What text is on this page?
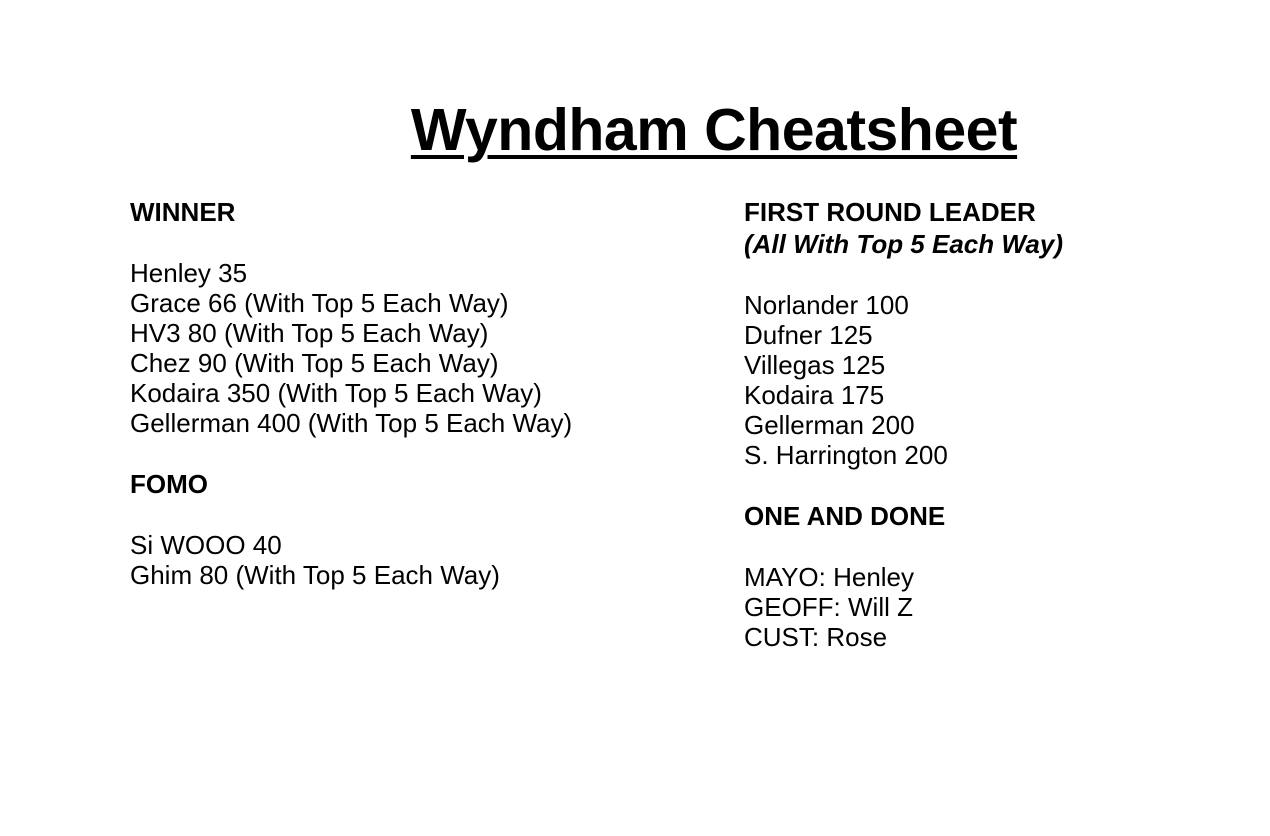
Wyndham Cheatsheet
WINNER
Henley 35
Grace 66 (With Top 5 Each Way)
HV3 80 (With Top 5 Each Way)
Chez 90 (With Top 5 Each Way)
Kodaira 350 (With Top 5 Each Way)
Gellerman 400 (With Top 5 Each Way)
FOMO
Si WOOO 40
Ghim 80 (With Top 5 Each Way)
FIRST ROUND LEADER
(All With Top 5 Each Way)
Norlander 100
Dufner 125
Villegas 125
Kodaira 175
Gellerman 200
S. Harrington 200
ONE AND DONE
MAYO: Henley
GEOFF: Will Z
CUST: Rose
